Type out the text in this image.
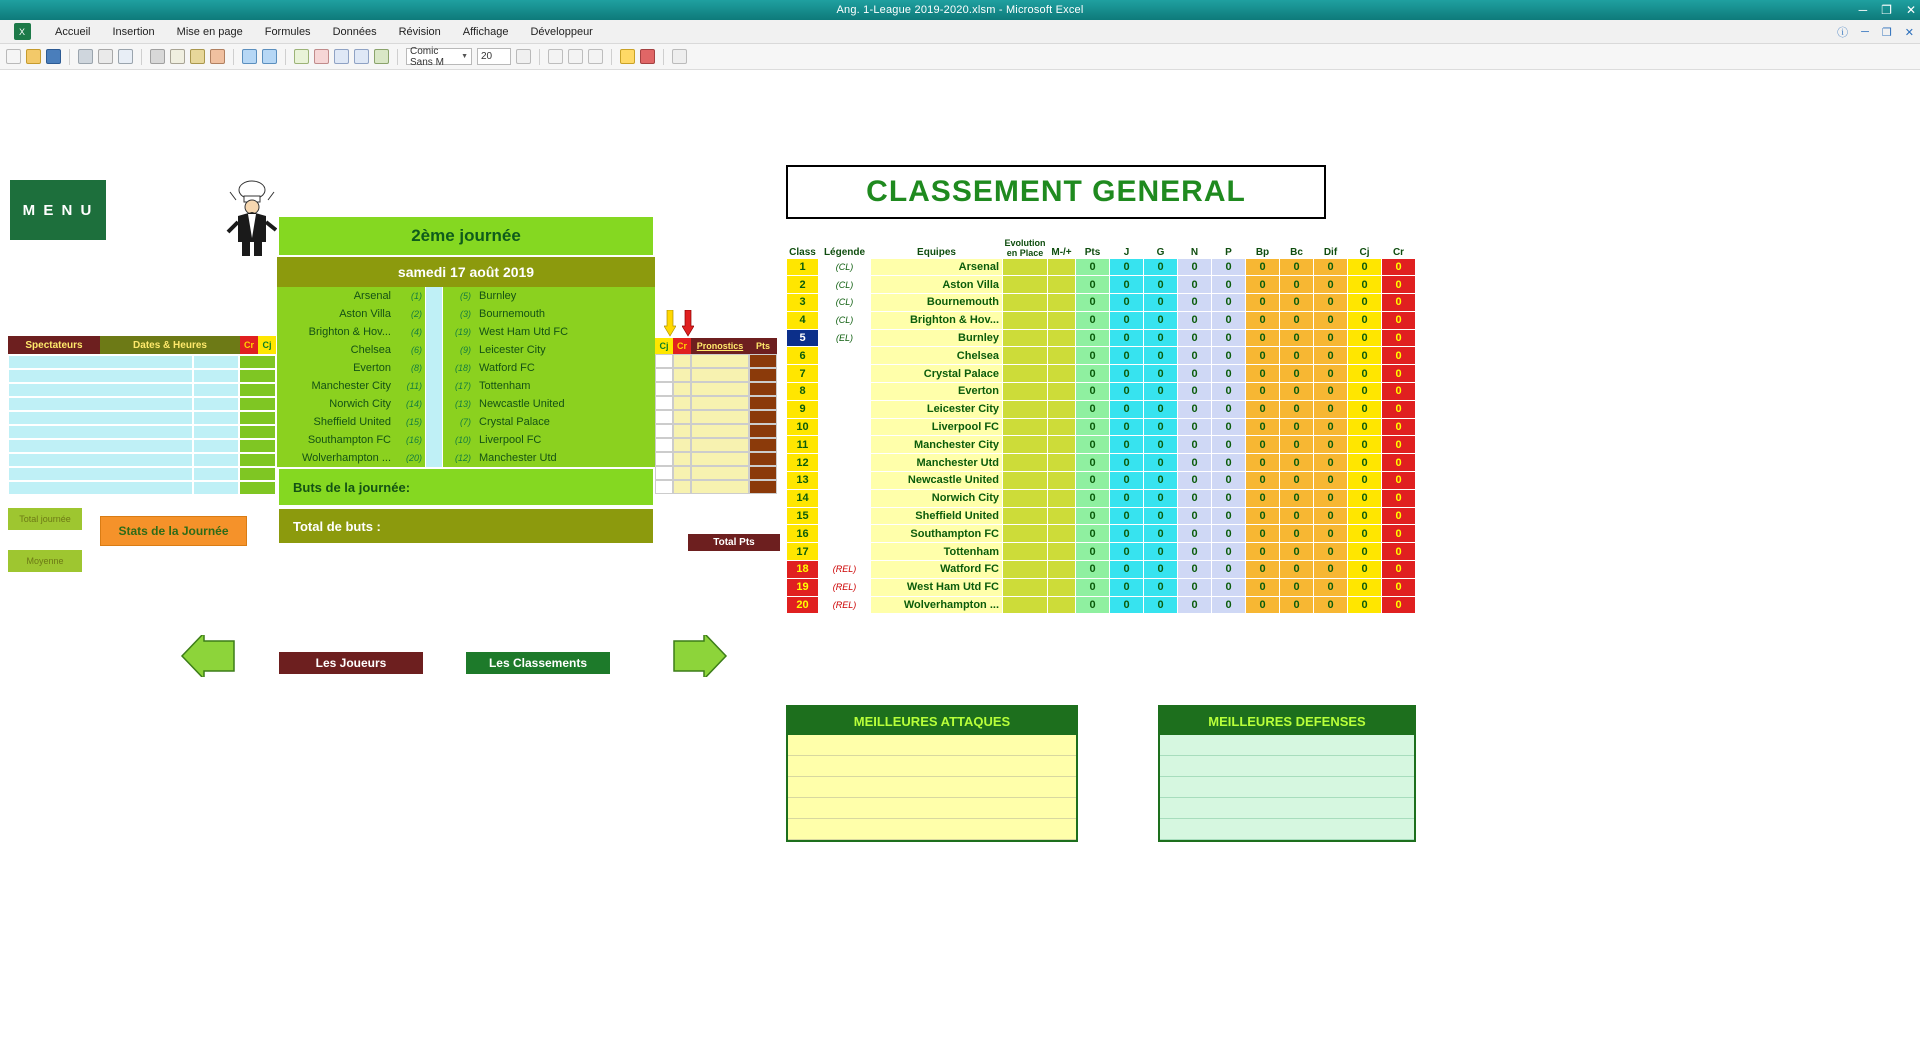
Ang. 1-League 2019-2020.xlsm - Microsoft Excel	─ ❐ ✕
X	Accueil	Insertion	Mise en page	Formules	Données	Révision	Affichage	Développeur	ⓘ ─ ❐ ✕
Comic Sans M	▼ 20
M E N U
Spectateurs	Dates & Heures	Cr Cj
Total journée
Moyenne
Stats de la Journée
2ème journée
samedi 17 août 2019
Arsenal	(1)	(5) Burnley
Aston Villa	(2)	(3) Bournemouth
Brighton & Hov...	(4)	(19) West Ham Utd FC
Chelsea	(6)	(9) Leicester City
Everton	(8)	(18) Watford FC
Manchester City	(11)	(17) Tottenham
Norwich City	(14)	(13) Newcastle United
Sheffield United	(15)	(7) Crystal Palace
Southampton FC	(16)	(10) Liverpool FC
Wolverhampton ...	(20)	(12) Manchester Utd
Buts de la journée:
Total de buts :
Cj Cr	Pronostics	Pts
Total Pts
Les Joueurs	Les Classements
CLASSEMENT GENERAL
Class	Légende	Equipes	Evolution en Place	M-/+	Pts	J	G	N	P	Bp	Bc	Dif	Cj	Cr
1	(CL)	Arsenal			0	0	0	0	0	0	0	0	0	0
2	(CL)	Aston Villa			0	0	0	0	0	0	0	0	0	0
3	(CL)	Bournemouth			0	0	0	0	0	0	0	0	0	0
4	(CL)	Brighton & Hov...			0	0	0	0	0	0	0	0	0	0
5	(EL)	Burnley			0	0	0	0	0	0	0	0	0	0
6		Chelsea			0	0	0	0	0	0	0	0	0	0
7		Crystal Palace			0	0	0	0	0	0	0	0	0	0
8		Everton			0	0	0	0	0	0	0	0	0	0
9		Leicester City			0	0	0	0	0	0	0	0	0	0
10		Liverpool FC			0	0	0	0	0	0	0	0	0	0
11		Manchester City			0	0	0	0	0	0	0	0	0	0
12		Manchester Utd			0	0	0	0	0	0	0	0	0	0
13		Newcastle United			0	0	0	0	0	0	0	0	0	0
14		Norwich City			0	0	0	0	0	0	0	0	0	0
15		Sheffield United			0	0	0	0	0	0	0	0	0	0
16		Southampton FC			0	0	0	0	0	0	0	0	0	0
17		Tottenham			0	0	0	0	0	0	0	0	0	0
18	(REL)	Watford FC			0	0	0	0	0	0	0	0	0	0
19	(REL)	West Ham Utd FC			0	0	0	0	0	0	0	0	0	0
20	(REL)	Wolverhampton ...			0	0	0	0	0	0	0	0	0	0
MEILLEURES ATTAQUES	MEILLEURES DEFENSES
